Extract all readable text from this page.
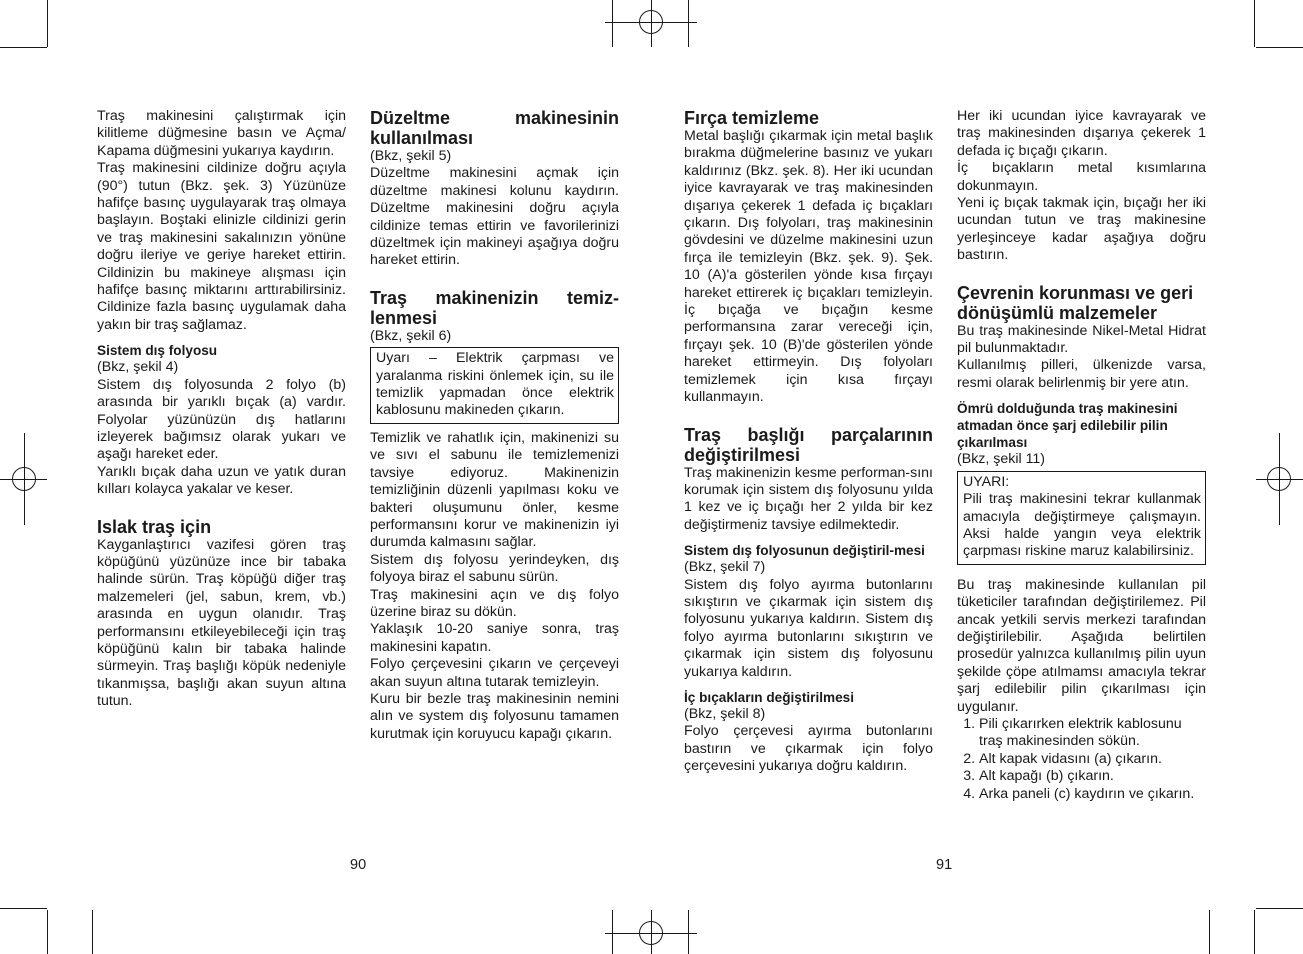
Traş makinesini çalıştırmak için kilitleme düğmesine basın ve Açma/ Kapama düğmesini yukarıya kaydırın.

Traş makinesini cildinize doğru açıyla (90°) tutun (Bkz. şek. 3) Yüzünüze hafifçe basınç uygulayarak traş olmaya başlayın. Boştaki elinizle cildinizi gerin ve traş makinesini sakalınızın yönüne doğru ileriye ve geriye hareket ettirin. Cildinizin bu makineye alışması için hafifçe basınç miktarını arttırabilirsiniz. Cildinize fazla basınç uygulamak daha yakın bir traş sağlamaz.

Sistem dış folyosu

(Bkz, şekil 4)

Sistem dış folyosunda 2 folyo (b) arasında bir yarıklı bıçak (a) vardır. Folyolar yüzünüzün dış hatlarını izleyerek bağımsız olarak yukarı ve aşağı hareket eder.

Yarıklı bıçak daha uzun ve yatık duran kılları kolayca yakalar ve keser.

Islak traş için

Kayganlaştırıcı vazifesi gören traş köpüğünü yüzünüze ince bir tabaka halinde sürün. Traş köpüğü diğer traş malzemeleri (jel, sabun, krem, vb.) arasında en uygun olanıdır. Traş performansını etkileyebileceği için traş köpüğünü kalın bir tabaka halinde sürmeyin. Traş başlığı köpük nedeniyle tıkanmışsa, başlığı akan suyun altına tutun.

Düzeltme makinesinin kullanılması

(Bkz, şekil 5)

Düzeltme makinesini açmak için düzeltme makinesi kolunu kaydırın. Düzeltme makinesini doğru açıyla cildinize temas ettirin ve favorilerinizi düzeltmek için makineyi aşağıya doğru hareket ettirin.

Traş makinenizin temiz-lenmesi

(Bkz, şekil 6)

Uyarı – Elektrik çarpması ve yaralanma riskini önlemek için, su ile temizlik yapmadan önce elektrik kablosunu makineden çıkarın.

Temizlik ve rahatlık için, makinenizi su ve sıvı el sabunu ile temizlemenizi tavsiye ediyoruz. Makinenizin temizliğinin düzenli yapılması koku ve bakteri oluşumunu önler, kesme performansını korur ve makinenizin iyi durumda kalmasını sağlar.

Sistem dış folyosu yerindeyken, dış folyoya biraz el sabunu sürün.

Traş makinesini açın ve dış folyo üzerine biraz su dökün.

Yaklaşık 10-20 saniye sonra, traş makinesini kapatın.

Folyo çerçevesini çıkarın ve çerçeveyi akan suyun altına tutarak temizleyin.

Kuru bir bezle traş makinesinin nemini alın ve system dış folyosunu tamamen kurutmak için koruyucu kapağı çıkarın.

Fırça temizleme

Metal başlığı çıkarmak için metal başlık bırakma düğmelerine basınız ve yukarı kaldırınız (Bkz. şek. 8). Her iki ucundan iyice kavrayarak ve traş makinesinden dışarıya çekerek 1 defada iç bıçakları çıkarın. Dış folyoları, traş makinesinin gövdesini ve düzelme makinesini uzun fırça ile temizleyin (Bkz. şek. 9). Şek. 10 (A)'a gösterilen yönde kısa fırçayı hareket ettirerek iç bıçakları temizleyin. İç bıçağa ve bıçağın kesme performansına zarar vereceği için, fırçayı şek. 10 (B)'de gösterilen yönde hareket ettirmeyin. Dış folyoları temizlemek için kısa fırçayı kullanmayın.

Traş başlığı parçalarının değiştirilmesi

Traş makinenizin kesme performan-sını korumak için sistem dış folyosunu yılda 1 kez ve iç bıçağı her 2 yılda bir kez değiştirmeniz tavsiye edilmektedir.

Sistem dış folyosunun değiştiril-mesi

(Bkz, şekil 7)

Sistem dış folyo ayırma butonlarını sıkıştırın ve çıkarmak için sistem dış folyosunu yukarıya kaldırın. Sistem dış folyo ayırma butonlarını sıkıştırın ve çıkarmak için sistem dış folyosunu yukarıya kaldırın.

İç bıçakların değiştirilmesi

(Bkz, şekil 8)

Folyo çerçevesi ayırma butonlarını bastırın ve çıkarmak için folyo çerçevesini yukarıya doğru kaldırın.

Her iki ucundan iyice kavrayarak ve traş makinesinden dışarıya çekerek 1 defada iç bıçağı çıkarın.

İç bıçakların metal kısımlarına dokunmayın.

Yeni iç bıçak takmak için, bıçağı her iki ucundan tutun ve traş makinesine yerleşinceye kadar aşağıya doğru bastırın.

Çevrenin korunması ve geri dönüşümlü malzemeler

Bu traş makinesinde Nikel-Metal Hidrat pil bulunmaktadır.

Kullanılmış pilleri, ülkenizde varsa, resmi olarak belirlenmiş bir yere atın.

Ömrü dolduğunda traş makinesini atmadan önce şarj edilebilir pilin çıkarılması

(Bkz, şekil 11)

UYARI:

Pili traş makinesini tekrar kullanmak amacıyla değiştirmeye çalışmayın. Aksi halde yangın veya elektrik çarpması riskine maruz kalabilirsiniz.

Bu traş makinesinde kullanılan pil tüketiciler tarafından değiştirilemez. Pil ancak yetkili servis merkezi tarafından değiştirilebilir. Aşağıda belirtilen prosedür yalnızca kullanılmış pilin uyun şekilde çöpe atılmamsı amacıyla tekrar şarj edilebilir pilin çıkarılması için uygulanır.

1. Pili çıkarırken elektrik kablosunu traş makinesinden sökün.
2. Alt kapak vidasını (a) çıkarın.
3. Alt kapağı (b) çıkarın.
4. Arka paneli (c) kaydırın ve çıkarın.
90	91
